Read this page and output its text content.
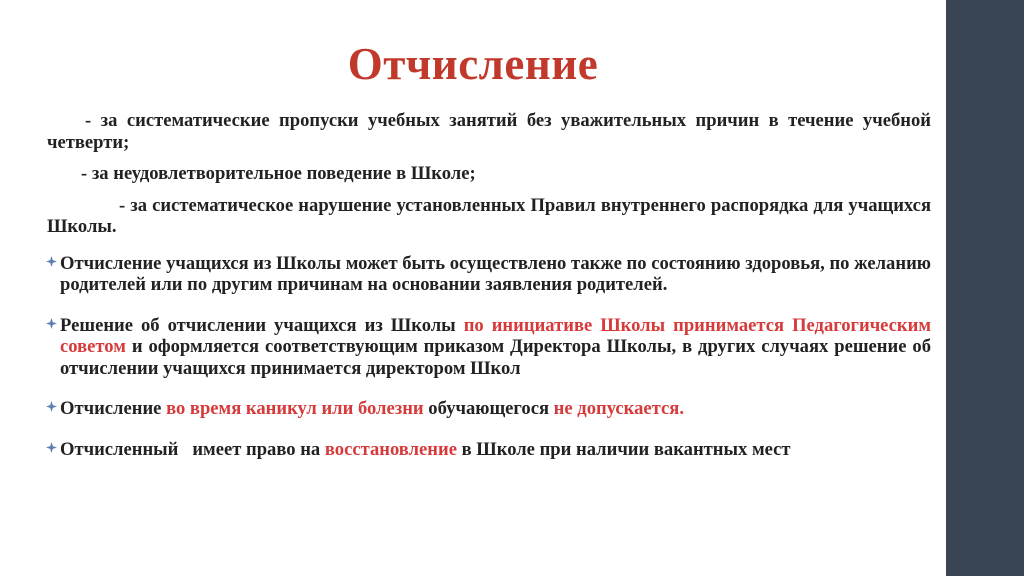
Отчисление

- за систематические пропуски учебных занятий без уважительных причин в течение учебной четверти;

- за неудовлетворительное поведение в Школе;

- за систематическое нарушение установленных Правил внутреннего распорядка для учащихся Школы.

Отчисление учащихся из Школы может быть осуществлено также по состоянию здоровья, по желанию родителей или по другим причинам на основании заявления родителей.

Решение об отчислении учащихся из Школы по инициативе Школы принимается Педагогическим советом и оформляется соответствующим приказом Директора Школы, в других случаях решение об отчислении учащихся принимается директором Школ

Отчисление во время каникул или болезни обучающегося не допускается.

Отчисленный   имеет право на восстановление в Школе при наличии вакантных мест
